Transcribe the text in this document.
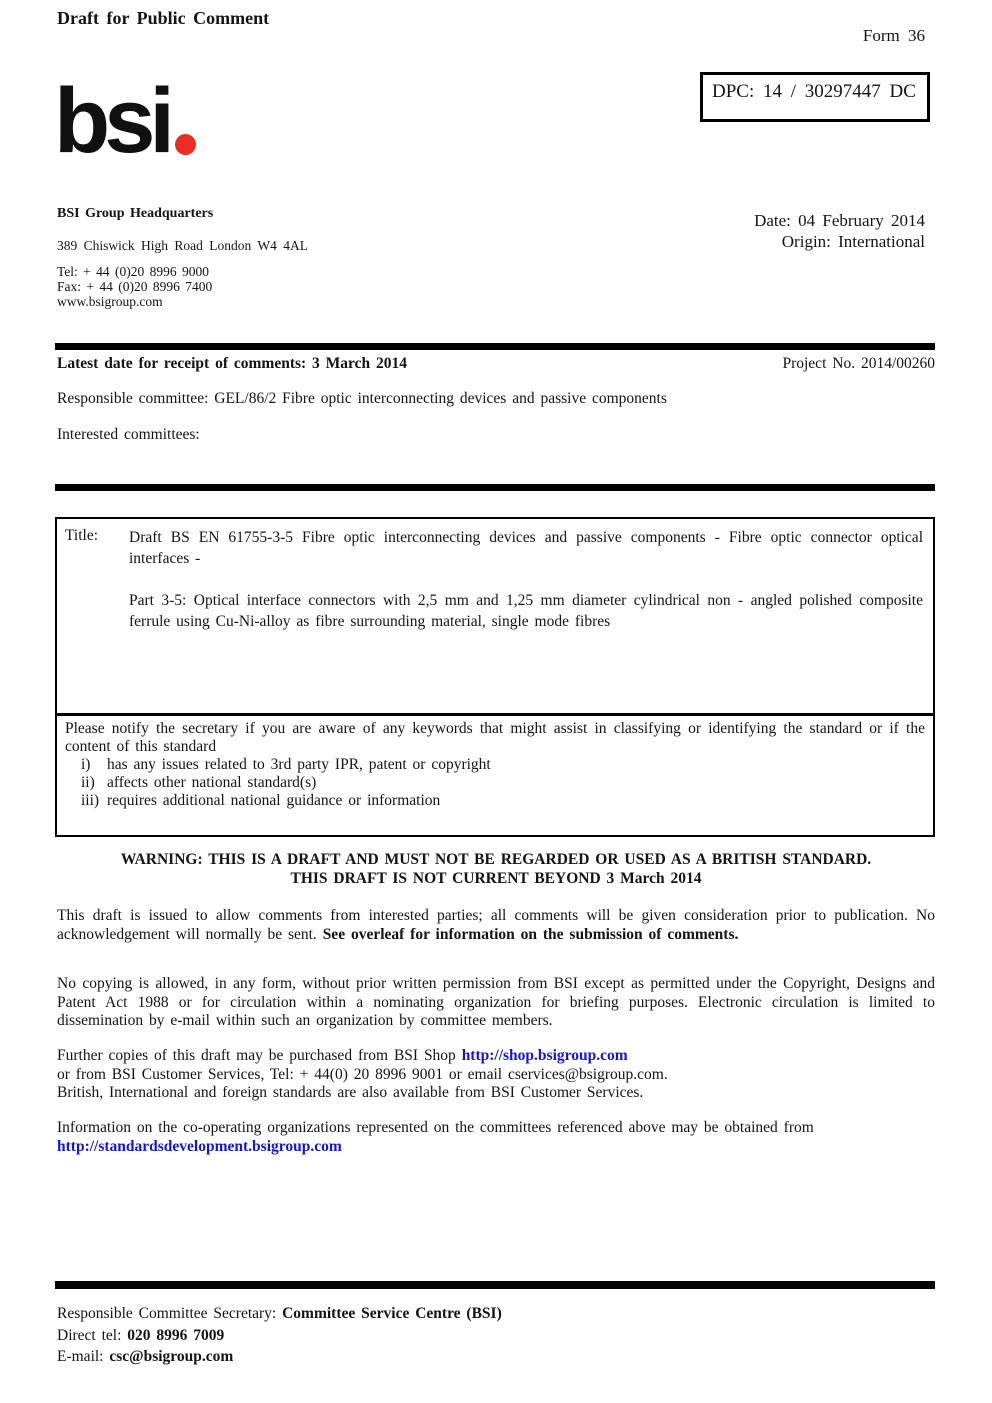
Draft for Public Comment
Form 36
DPC: 14 / 30297447 DC
bsi
BSI Group Headquarters
389 Chiswick High Road London W4 4AL
Tel: + 44 (0)20 8996 9000
Fax: + 44 (0)20 8996 7400
www.bsigroup.com
Date: 04 February 2014
Origin: International
Latest date for receipt of comments: 3 March 2014	Project No. 2014/00260
Responsible committee: GEL/86/2 Fibre optic interconnecting devices and passive components
Interested committees:
Title:	Draft BS EN 61755-3-5 Fibre optic interconnecting devices and passive components - Fibre optic connector optical interfaces -
Part 3-5: Optical interface connectors with 2,5 mm and 1,25 mm diameter cylindrical non - angled polished composite ferrule using Cu-Ni-alloy as fibre surrounding material, single mode fibres
Please notify the secretary if you are aware of any keywords that might assist in classifying or identifying the standard or if the content of this standard
i)	has any issues related to 3rd party IPR, patent or copyright
ii) affects other national standard(s)
iii) requires additional national guidance or information
WARNING: THIS IS A DRAFT AND MUST NOT BE REGARDED OR USED AS A BRITISH STANDARD.
THIS DRAFT IS NOT CURRENT BEYOND 3 March 2014
This draft is issued to allow comments from interested parties; all comments will be given consideration prior to publication. No acknowledgement will normally be sent. See overleaf for information on the submission of comments.
No copying is allowed, in any form, without prior written permission from BSI except as permitted under the Copyright, Designs and Patent Act 1988 or for circulation within a nominating organization for briefing purposes. Electronic circulation is limited to dissemination by e-mail within such an organization by committee members.
Further copies of this draft may be purchased from BSI Shop http://shop.bsigroup.com
or from BSI Customer Services, Tel: + 44(0) 20 8996 9001 or email cservices@bsigroup.com.
British, International and foreign standards are also available from BSI Customer Services.
Information on the co-operating organizations represented on the committees referenced above may be obtained from
http://standardsdevelopment.bsigroup.com
Responsible Committee Secretary: Committee Service Centre (BSI)
Direct tel: 020 8996 7009
E-mail: csc@bsigroup.com
